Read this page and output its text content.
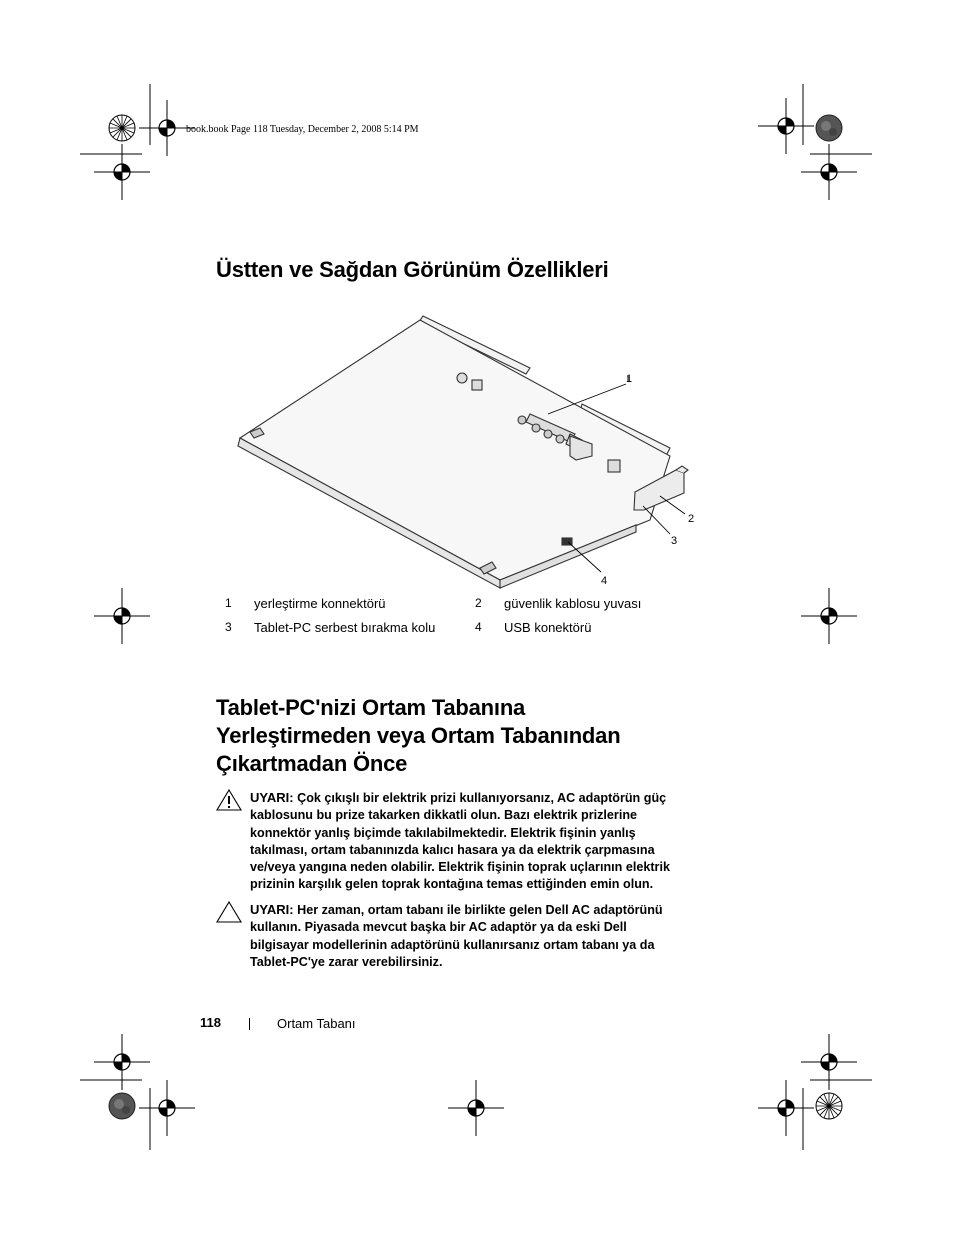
book.book Page 118 Tuesday, December 2, 2008 5:14 PM
Üstten ve Sağdan Görünüm Özellikleri
1
2
3
4
1 yerleştirme konnektörü	2 güvenlik kablosu yuvası
3 Tablet-PC serbest bırakma kolu	4 USB konektörü
Tablet-PC'nizi Ortam Tabanına
Yerleştirmeden veya Ortam Tabanından
Çıkartmadan Önce
UYARI: Çok çıkışlı bir elektrik prizi kullanıyorsanız, AC adaptörün güç
kablosunu bu prize takarken dikkatli olun. Bazı elektrik prizlerine
konnektör yanlış biçimde takılabilmektedir. Elektrik fişinin yanlış
takılması, ortam tabanınızda kalıcı hasara ya da elektrik çarpmasına
ve/veya yangına neden olabilir. Elektrik fişinin toprak uçlarının elektrik
prizinin karşılık gelen toprak kontağına temas ettiğinden emin olun.
UYARI: Her zaman, ortam tabanı ile birlikte gelen Dell AC adaptörünü
kullanın. Piyasada mevcut başka bir AC adaptör ya da eski Dell
bilgisayar modellerinin adaptörünü kullanırsanız ortam tabanı ya da
Tablet-PC'ye zarar verebilirsiniz.
118	Ortam Tabanı
